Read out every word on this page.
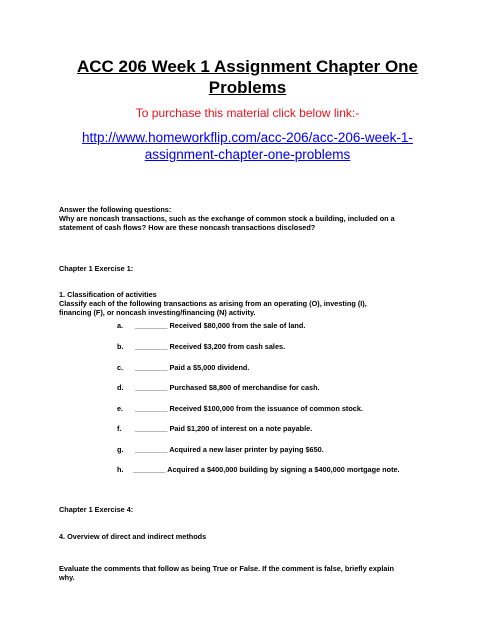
ACC 206 Week 1 Assignment Chapter One
Problems
To purchase this material click below link:-
http://www.homeworkflip.com/acc-206/acc-206-week-1-
assignment-chapter-one-problems
Answer the following questions:
Why are noncash transactions, such as the exchange of common stock a building, included on a
statement of cash flows? How are these noncash transactions disclosed?
Chapter 1 Exercise 1:
1. Classification of activities
Classify each of the following transactions as arising from an operating (O), investing (I),
financing (F), or noncash investing/financing (N) activity.
a. ________ Received $80,000 from the sale of land.
b. ________ Received $3,200 from cash sales.
c. ________ Paid a $5,000 dividend.
d. ________ Purchased $8,800 of merchandise for cash.
e. ________ Received $100,000 from the issuance of common stock.
f. ________ Paid $1,200 of interest on a note payable.
g. ________ Acquired a new laser printer by paying $650.
h. ________ Acquired a $400,000 building by signing a $400,000 mortgage note.
Chapter 1 Exercise 4:
4. Overview of direct and indirect methods
Evaluate the comments that follow as being True or False. If the comment is false, briefly explain
why.
